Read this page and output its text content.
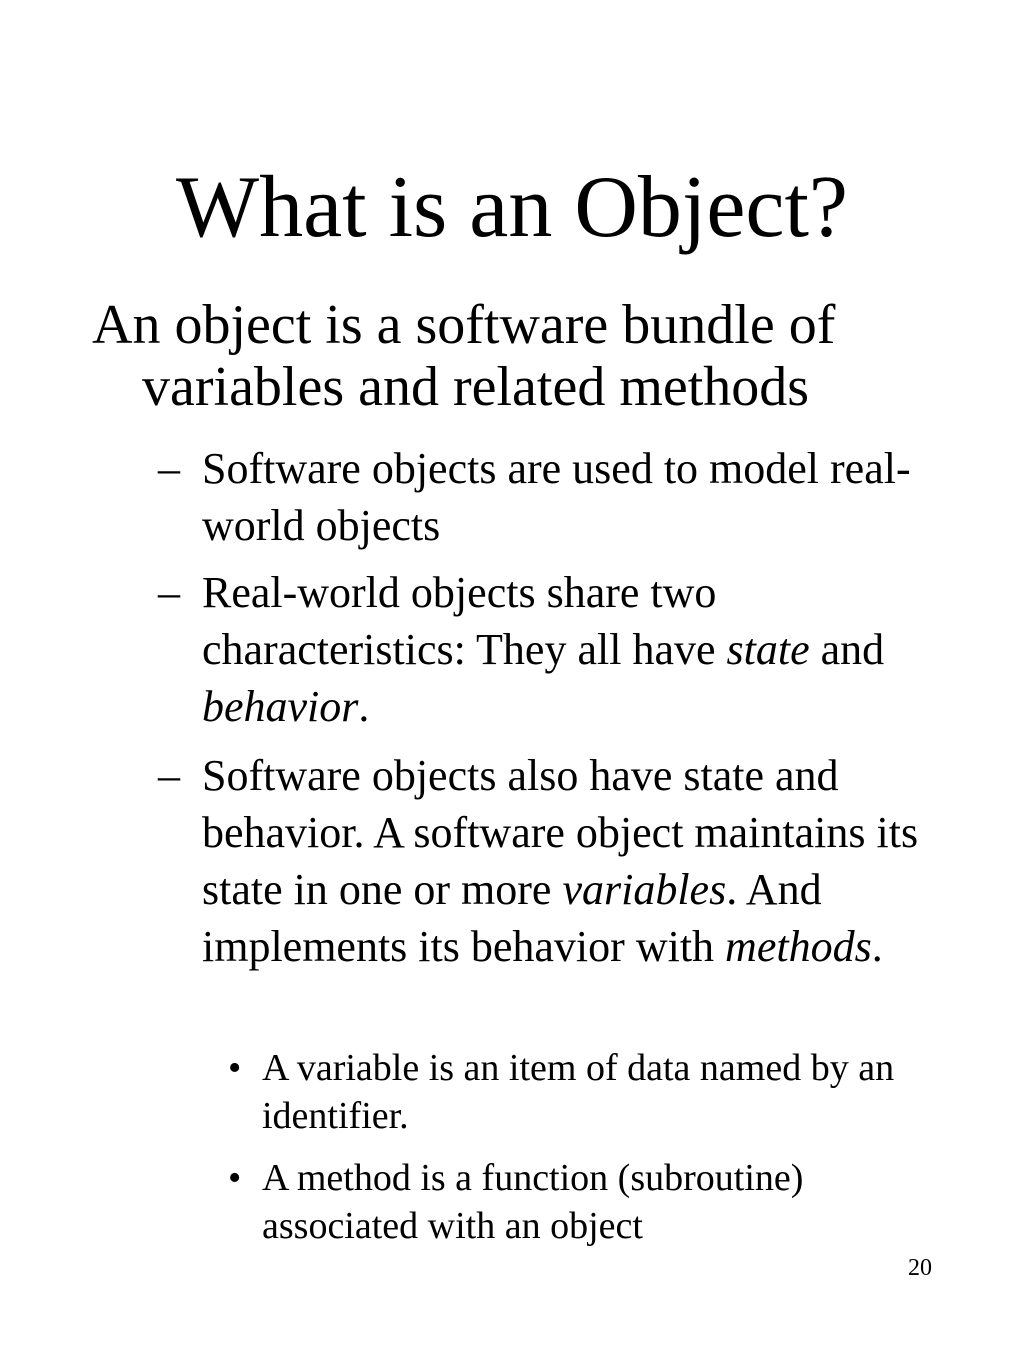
What is an Object?

An object is a software bundle of
variables and related methods

– Software objects are used to model real-world objects

– Real-world objects share two characteristics: They all have state and behavior.

– Software objects also have state and behavior. A software object maintains its state in one or more variables. And implements its behavior with methods.

• A variable is an item of data named by an identifier.

• A method is a function (subroutine) associated with an object

20
